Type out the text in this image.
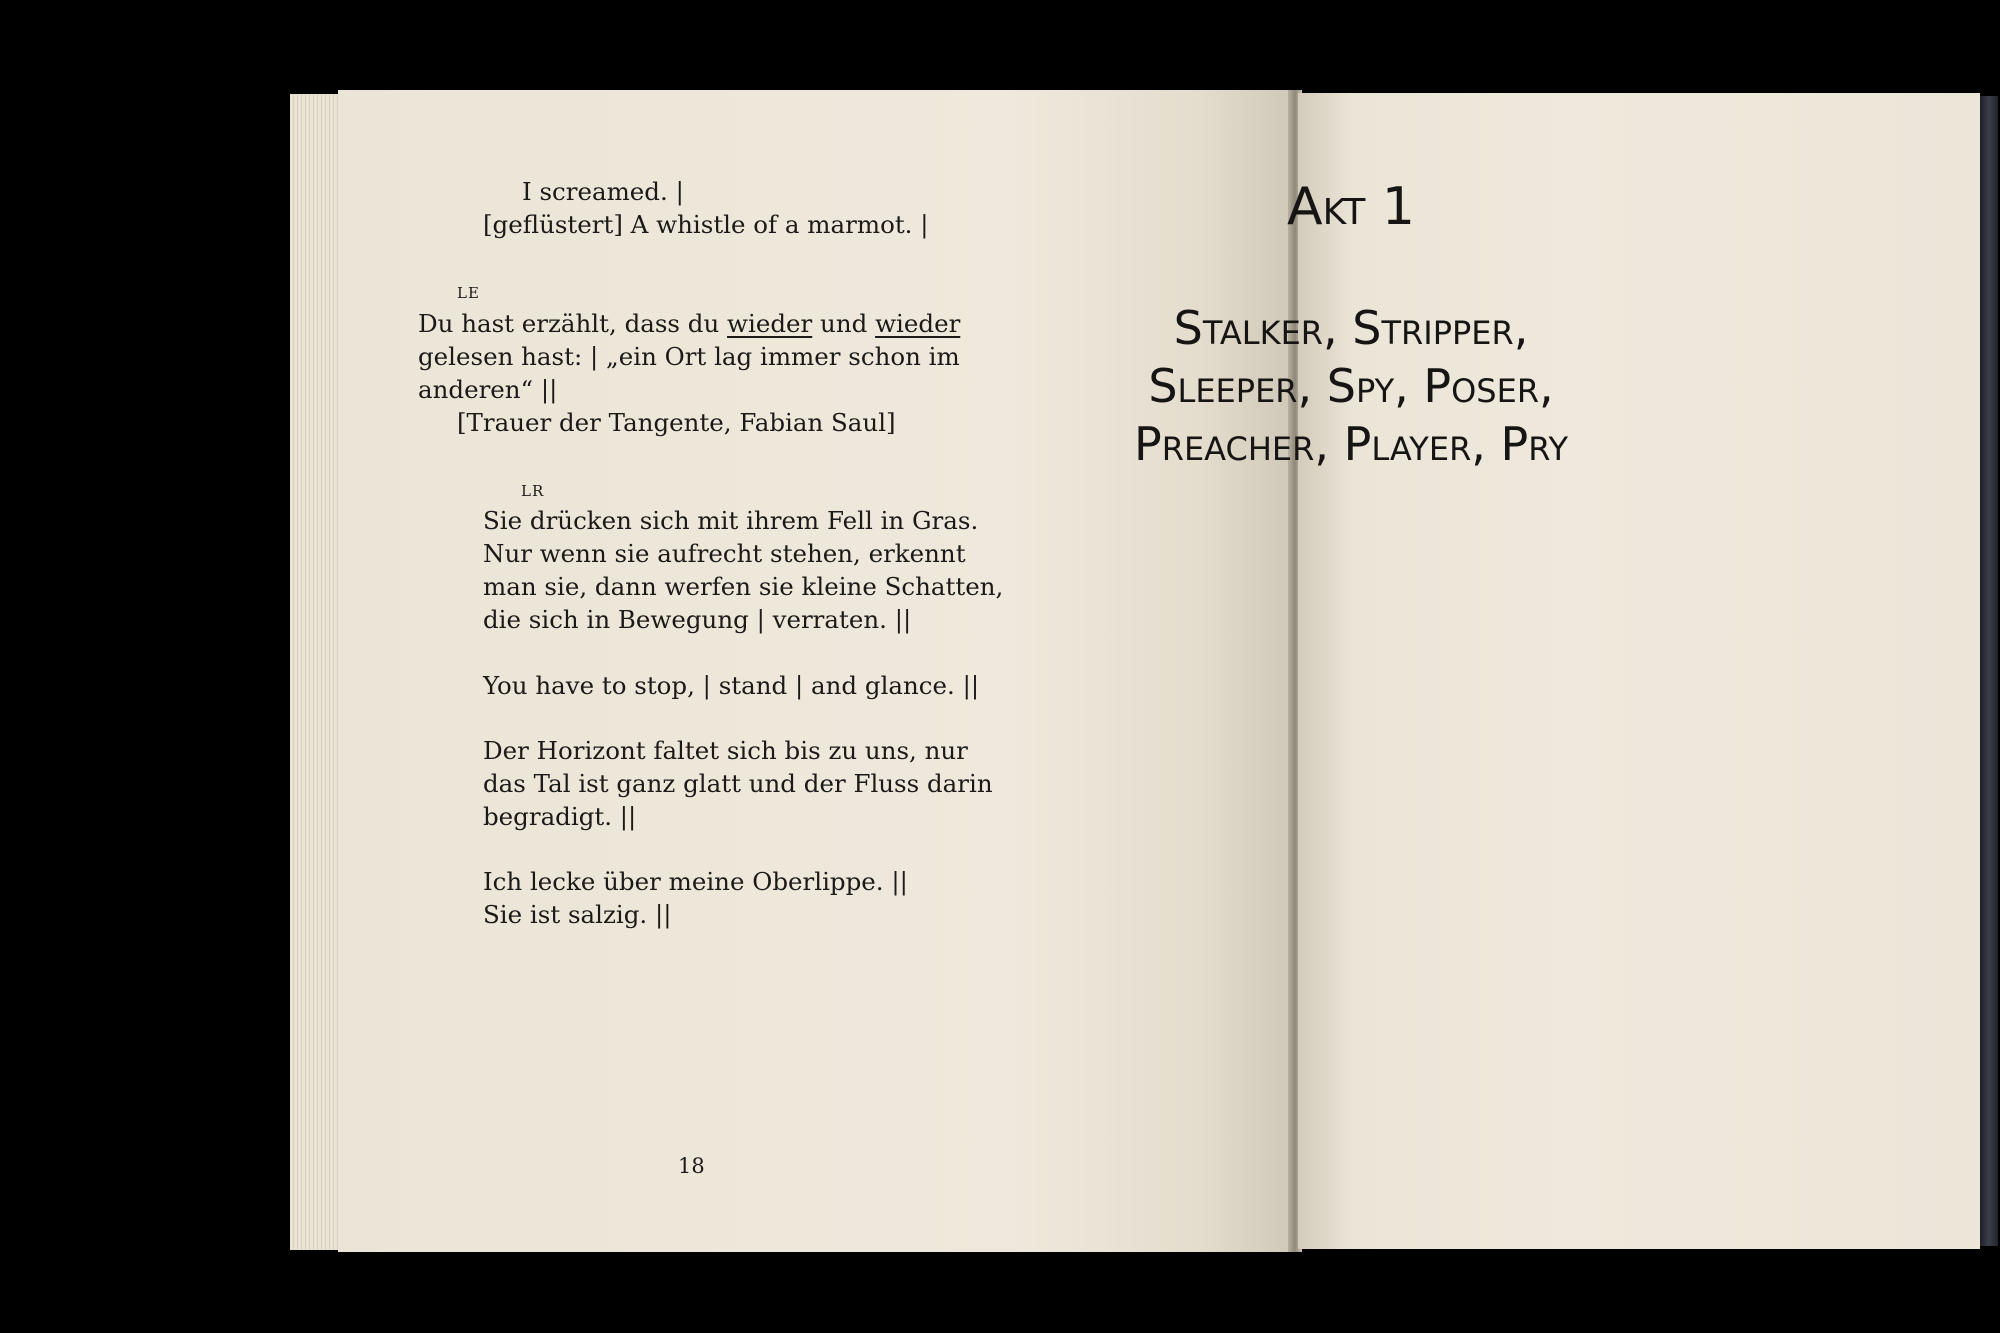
I screamed. |
[geflüstert] A whistle of a marmot. |
LE
Du hast erzählt, dass du wieder und wieder
gelesen hast: | „ein Ort lag immer schon im
anderen“ ||
[Trauer der Tangente, Fabian Saul]
LR
Sie drücken sich mit ihrem Fell in Gras.
Nur wenn sie aufrecht stehen, erkennt
man sie, dann werfen sie kleine Schatten,
die sich in Bewegung | verraten. ||
You have to stop, | stand | and glance. ||
Der Horizont faltet sich bis zu uns, nur
das Tal ist ganz glatt und der Fluss darin
begradigt. ||
Ich lecke über meine Oberlippe. ||
Sie ist salzig. ||
18
Akt 1
Stalker, Stripper,
Sleeper, Spy, Poser,
Preacher, Player, Pry
